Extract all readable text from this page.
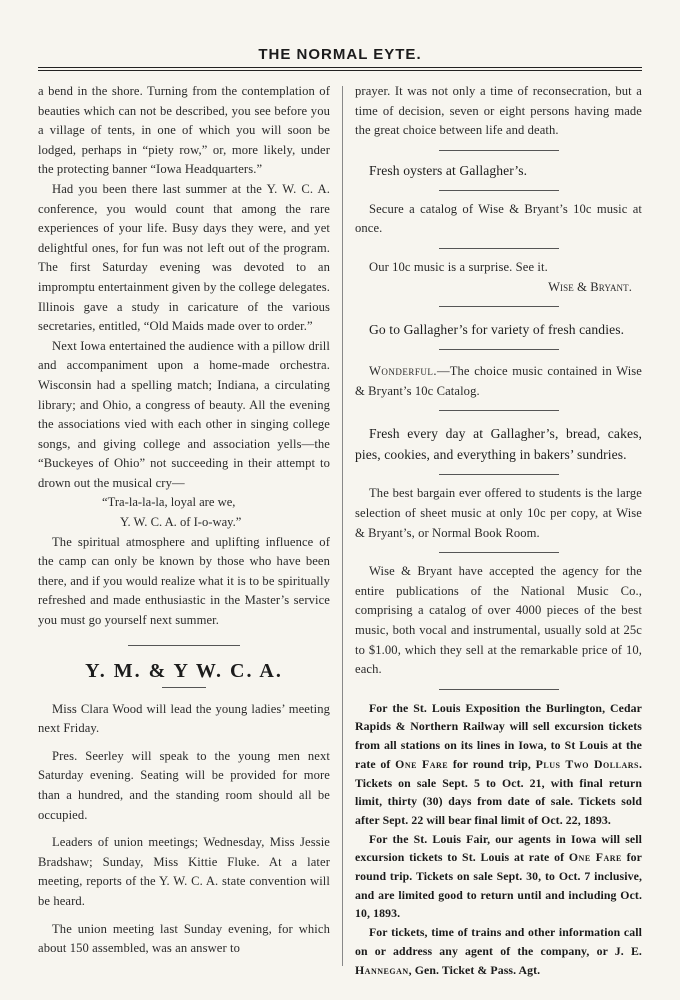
THE NORMAL EYTE.

a bend in the shore. Turning from the contemplation of beauties which can not be described, you see before you a village of tents, in one of which you will soon be lodged, perhaps in “piety row,” or, more likely, under the protecting banner “Iowa Headquarters.”

Had you been there last summer at the Y. W. C. A. conference, you would count that among the rare experiences of your life. Busy days they were, and yet delightful ones, for fun was not left out of the program. The first Saturday evening was devoted to an impromptu entertainment given by the college delegates. Illinois gave a study in caricature of the various secretaries, entitled, “Old Maids made over to order.”

Next Iowa entertained the audience with a pillow drill and accompaniment upon a home-made orchestra. Wisconsin had a spelling match; Indiana, a circulating library; and Ohio, a congress of beauty. All the evening the associations vied with each other in singing college songs, and giving college and association yells—the “Buckeyes of Ohio” not succeeding in their attempt to drown out the musical cry—

“Tra-la-la-la, loyal are we,
Y. W. C. A. of I-o-way.”

The spiritual atmosphere and uplifting influence of the camp can only be known by those who have been there, and if you would realize what it is to be spiritually refreshed and made enthusiastic in the Master’s service you must go yourself next summer.

Y. M. & Y W. C. A.

Miss Clara Wood will lead the young ladies’ meeting next Friday.

Pres. Seerley will speak to the young men next Saturday evening. Seating will be provided for more than a hundred, and the standing room should all be occupied.

Leaders of union meetings; Wednesday, Miss Jessie Bradshaw; Sunday, Miss Kittie Fluke. At a later meeting, reports of the Y. W. C. A. state convention will be heard.

The union meeting last Sunday evening, for which about 150 assembled, was an answer to

prayer. It was not only a time of reconsecration, but a time of decision, seven or eight persons having made the great choice between life and death.

Fresh oysters at Gallagher’s.

Secure a catalog of Wise & Bryant’s 10c music at once.

Our 10c music is a surprise. See it.

Wise & Bryant.

Go to Gallagher’s for variety of fresh candies.

Wonderful.—The choice music contained in Wise & Bryant’s 10c Catalog.

Fresh every day at Gallagher’s, bread, cakes, pies, cookies, and everything in bakers’ sundries.

The best bargain ever offered to students is the large selection of sheet music at only 10c per copy, at Wise & Bryant’s, or Normal Book Room.

Wise & Bryant have accepted the agency for the entire publications of the National Music Co., comprising a catalog of over 4000 pieces of the best music, both vocal and instrumental, usually sold at 25c to $1.00, which they sell at the remarkable price of 10, each.

For the St. Louis Exposition the Burlington, Cedar Rapids & Northern Railway will sell excursion tickets from all stations on its lines in Iowa, to St Louis at the rate of One Fare for round trip, Plus Two Dollars. Tickets on sale Sept. 5 to Oct. 21, with final return limit, thirty (30) days from date of sale. Tickets sold after Sept. 22 will bear final limit of Oct. 22, 1893.

For the St. Louis Fair, our agents in Iowa will sell excursion tickets to St. Louis at rate of One Fare for round trip. Tickets on sale Sept. 30, to Oct. 7 inclusive, and are limited good to return until and including Oct. 10, 1893.

For tickets, time of trains and other information call on or address any agent of the company, or J. E. Hannegan, Gen. Ticket & Pass. Agt.
